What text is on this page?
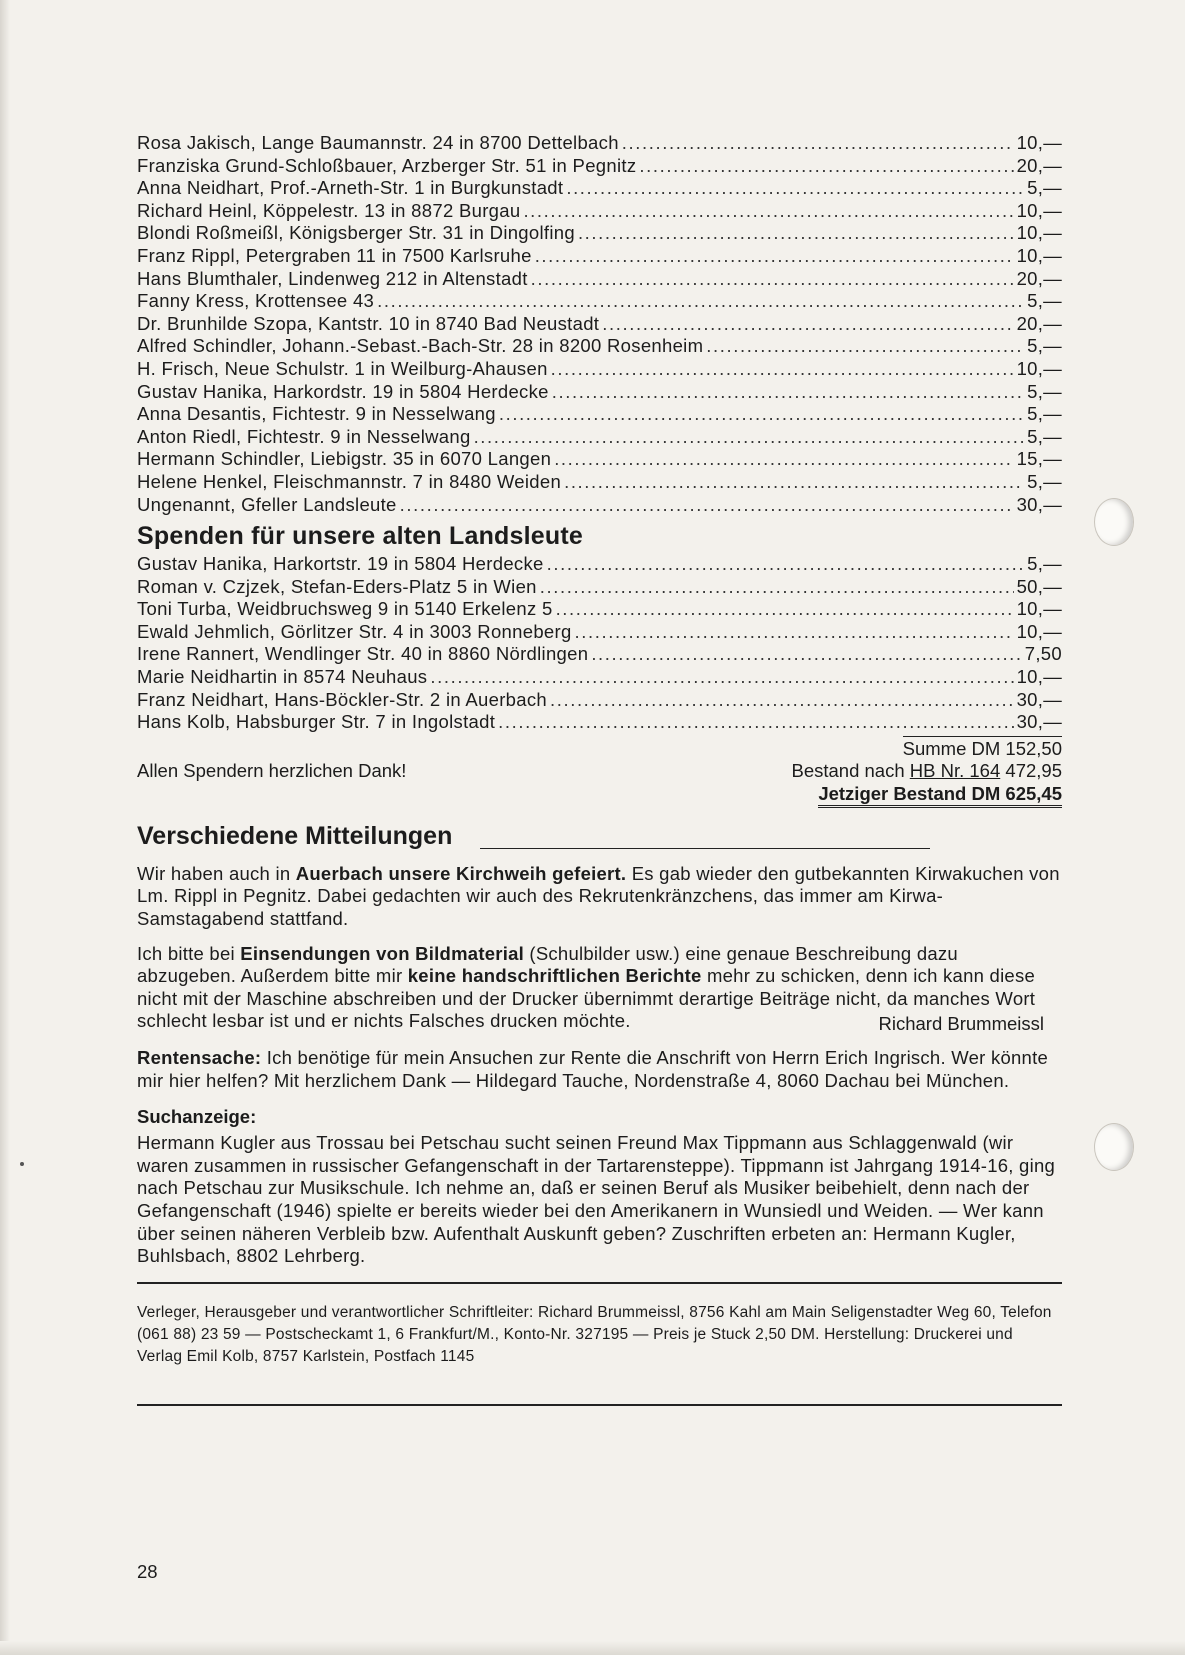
Rosa Jakisch, Lange Baumannstr. 24 in 8700 Dettelbach .....	10,—
Franziska Grund-Schloßbauer, Arzberger Str. 51 in Pegnitz .....	20,—
Anna Neidhart, Prof.-Arneth-Str. 1 in Burgkunstadt .....	5,—
Richard Heinl, Köppelestr. 13 in 8872 Burgau .....	10,—
Blondi Roßmeißl, Königsberger Str. 31 in Dingolfing .....	10,—
Franz Rippl, Petergraben 11 in 7500 Karlsruhe .....	10,—
Hans Blumthaler, Lindenweg 212 in Altenstadt .....	20,—
Fanny Kress, Krottensee 43 .....	5,—
Dr. Brunhilde Szopa, Kantstr. 10 in 8740 Bad Neustadt .....	20,—
Alfred Schindler, Johann.-Sebast.-Bach-Str. 28 in 8200 Rosenheim .....	5,—
H. Frisch, Neue Schulstr. 1 in Weilburg-Ahausen .....	10,—
Gustav Hanika, Harkordstr. 19 in 5804 Herdecke .....	5,—
Anna Desantis, Fichtestr. 9 in Nesselwang .....	5,—
Anton Riedl, Fichtestr. 9 in Nesselwang .....	5,—
Hermann Schindler, Liebigstr. 35 in 6070 Langen .....	15,—
Helene Henkel, Fleischmannstr. 7 in 8480 Weiden .....	5,—
Ungenannt, Gfeller Landsleute .....	30,—
Spenden für unsere alten Landsleute
Gustav Hanika, Harkortstr. 19 in 5804 Herdecke .....	5,—
Roman v. Czjzek, Stefan-Eders-Platz 5 in Wien .....	50,—
Toni Turba, Weidbruchsweg 9 in 5140 Erkelenz 5 .....	10,—
Ewald Jehmlich, Görlitzer Str. 4 in 3003 Ronneberg .....	10,—
Irene Rannert, Wendlinger Str. 40 in 8860 Nördlingen .....	7,50
Marie Neidhartin in 8574 Neuhaus .....	10,—
Franz Neidhart, Hans-Böckler-Str. 2 in Auerbach .....	30,—
Hans Kolb, Habsburger Str. 7 in Ingolstadt .....	30,—
Summe DM 152,50
Allen Spendern herzlichen Dank!	Bestand nach HB Nr. 164 472,95
Jetziger Bestand DM 625,45
Verschiedene Mitteilungen

Wir haben auch in Auerbach unsere Kirchweih gefeiert. Es gab wieder den gutbekannten Kirwakuchen von Lm. Rippl in Pegnitz. Dabei gedachten wir auch des Rekrutenkränzchens, das immer am Kirwa-Samstagabend stattfand.

Ich bitte bei Einsendungen von Bildmaterial (Schulbilder usw.) eine genaue Beschreibung dazu abzugeben. Außerdem bitte mir keine handschriftlichen Berichte mehr zu schicken, denn ich kann diese nicht mit der Maschine abschreiben und der Drucker übernimmt derartige Beiträge nicht, da manches Wort schlecht lesbar ist und er nichts Falsches drucken möchte.	Richard Brummeissl

Rentensache: Ich benötige für mein Ansuchen zur Rente die Anschrift von Herrn Erich Ingrisch. Wer könnte mir hier helfen? Mit herzlichem Dank — Hildegard Tauche, Nordenstraße 4, 8060 Dachau bei München.

Suchanzeige:

Hermann Kugler aus Trossau bei Petschau sucht seinen Freund Max Tippmann aus Schlaggenwald (wir waren zusammen in russischer Gefangenschaft in der Tartarensteppe). Tippmann ist Jahrgang 1914-16, ging nach Petschau zur Musikschule. Ich nehme an, daß er seinen Beruf als Musiker beibehielt, denn nach der Gefangenschaft (1946) spielte er bereits wieder bei den Amerikanern in Wunsiedl und Weiden. — Wer kann über seinen näheren Verbleib bzw. Aufenthalt Auskunft geben? Zuschriften erbeten an: Hermann Kugler, Buhlsbach, 8802 Lehrberg.

Verleger, Herausgeber und verantwortlicher Schriftleiter: Richard Brummeissl, 8756 Kahl am Main Seligenstadter Weg 60, Telefon (061 88) 23 59 — Postscheckamt 1, 6 Frankfurt/M., Konto-Nr. 327195 — Preis je Stuck 2,50 DM. Herstellung: Druckerei und Verlag Emil Kolb, 8757 Karlstein, Postfach 1145
28
